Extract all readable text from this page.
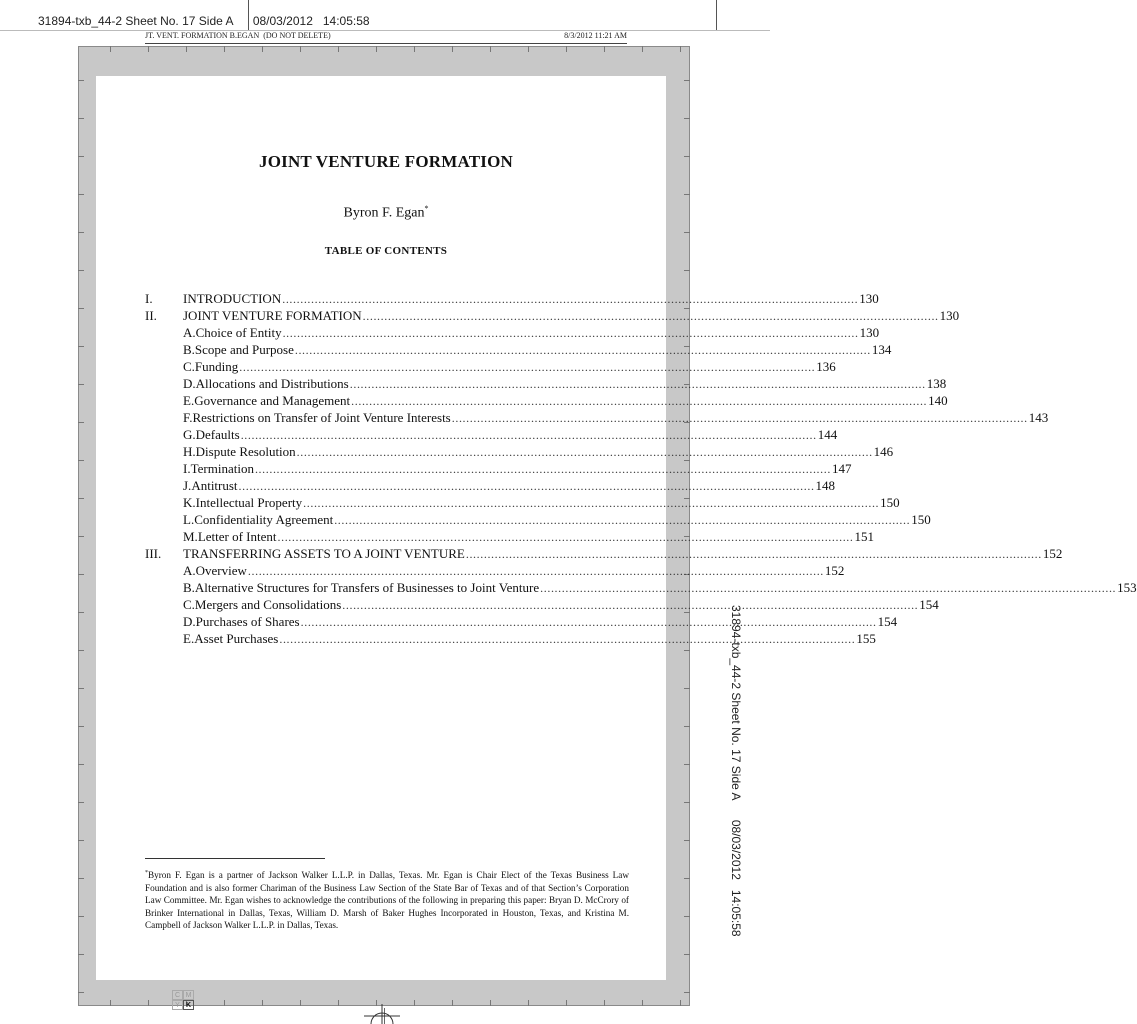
31894-txb_44-2 Sheet No. 17 Side A      08/03/2012   14:05:58
JT. VENT. FORMATION B.EGAN  (DO NOT DELETE)	8/3/2012 11:21 AM
JOINT VENTURE FORMATION
Byron F. Egan*
TABLE OF CONTENTS
I. INTRODUCTION ................................................................................................................................................................ 130
II. JOINT VENTURE FORMATION ................................................................................................................................................................ 130
A. Choice of Entity ................................................................................................................................................................ 130
B. Scope and Purpose ................................................................................................................................................................ 134
C. Funding ................................................................................................................................................................ 136
D. Allocations and Distributions ................................................................................................................................................................ 138
E. Governance and Management ................................................................................................................................................................ 140
F. Restrictions on Transfer of Joint Venture Interests ................................................................................................................................................................ 143
G. Defaults ................................................................................................................................................................ 144
H. Dispute Resolution ................................................................................................................................................................ 146
I. Termination ................................................................................................................................................................ 147
J. Antitrust ................................................................................................................................................................ 148
K. Intellectual Property ................................................................................................................................................................ 150
L. Confidentiality Agreement ................................................................................................................................................................ 150
M. Letter of Intent ................................................................................................................................................................ 151
III. TRANSFERRING ASSETS TO A JOINT VENTURE ................................................................................................................................................................ 152
A. Overview ................................................................................................................................................................ 152
B. Alternative Structures for Transfers of Businesses to Joint Venture ................................................................................................................................................................ 153
C. Mergers and Consolidations ................................................................................................................................................................ 154
D. Purchases of Shares ................................................................................................................................................................ 154
E. Asset Purchases ................................................................................................................................................................ 155
*Byron F. Egan is a partner of Jackson Walker L.L.P. in Dallas, Texas. Mr. Egan is Chair Elect of the Texas Business Law Foundation and is also former Chariman of the Business Law Section of the State Bar of Texas and of that Section’s Corporation Law Committee. Mr. Egan wishes to acknowledge the contributions of the following in preparing this paper: Bryan D. McCrory of Brinker International in Dallas, Texas, William D. Marsh of Baker Hughes Incorporated in Houston, Texas, and Kristina M. Campbell of Jackson Walker L.L.P. in Dallas, Texas.	31894-txb_44-2 Sheet No. 17 Side A      08/03/2012   14:05:58
C M
Y K
